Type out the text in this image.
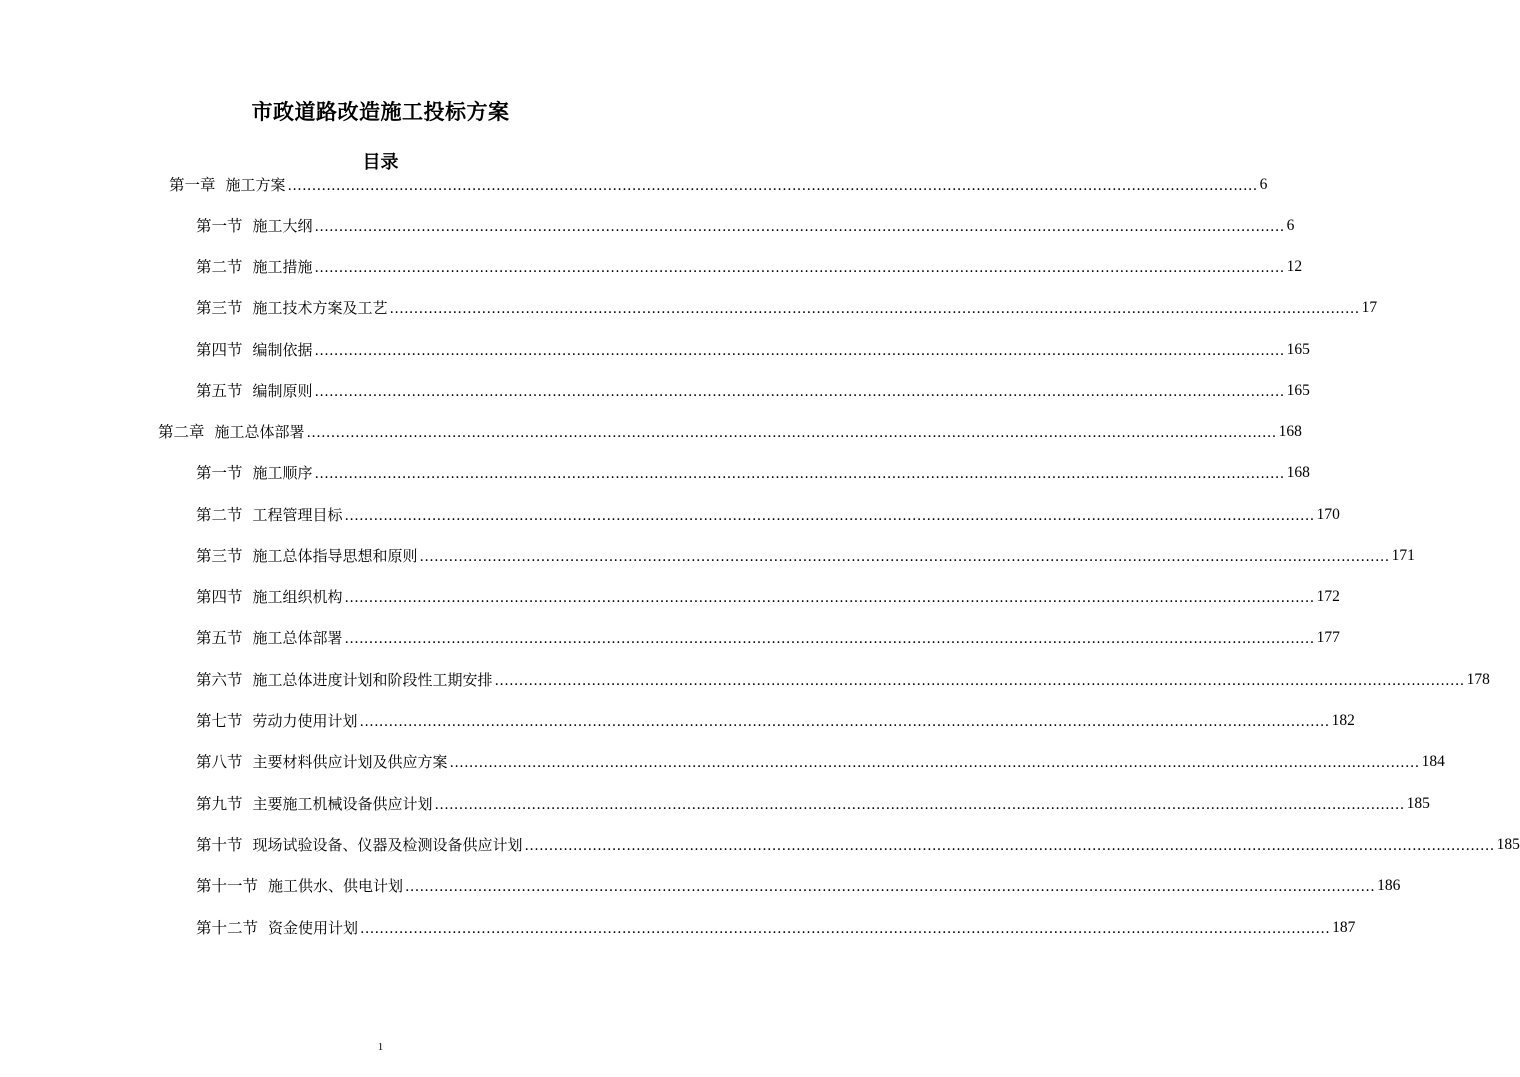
市政道路改造施工投标方案
目录
第一章 施工方案 ........................................................................................................................................................................................................ 6
第一节 施工大纲 ........................................................................................................................................................................................................ 6
第二节 施工措施 ........................................................................................................................................................................................................ 12
第三节 施工技术方案及工艺 ........................................................................................................................................................................................................ 17
第四节 编制依据 ........................................................................................................................................................................................................ 165
第五节 编制原则 ........................................................................................................................................................................................................ 165
第二章 施工总体部署 ........................................................................................................................................................................................................ 168
第一节 施工顺序 ........................................................................................................................................................................................................ 168
第二节 工程管理目标 ........................................................................................................................................................................................................ 170
第三节 施工总体指导思想和原则 ........................................................................................................................................................................................................ 171
第四节 施工组织机构 ........................................................................................................................................................................................................ 172
第五节 施工总体部署 ........................................................................................................................................................................................................ 177
第六节 施工总体进度计划和阶段性工期安排 ........................................................................................................................................................................................................ 178
第七节 劳动力使用计划 ........................................................................................................................................................................................................ 182
第八节 主要材料供应计划及供应方案 ........................................................................................................................................................................................................ 184
第九节 主要施工机械设备供应计划 ........................................................................................................................................................................................................ 185
第十节 现场试验设备、仪器及检测设备供应计划 ........................................................................................................................................................................................................ 185
第十一节 施工供水、供电计划 ........................................................................................................................................................................................................ 186
第十二节 资金使用计划 ........................................................................................................................................................................................................ 187
1
